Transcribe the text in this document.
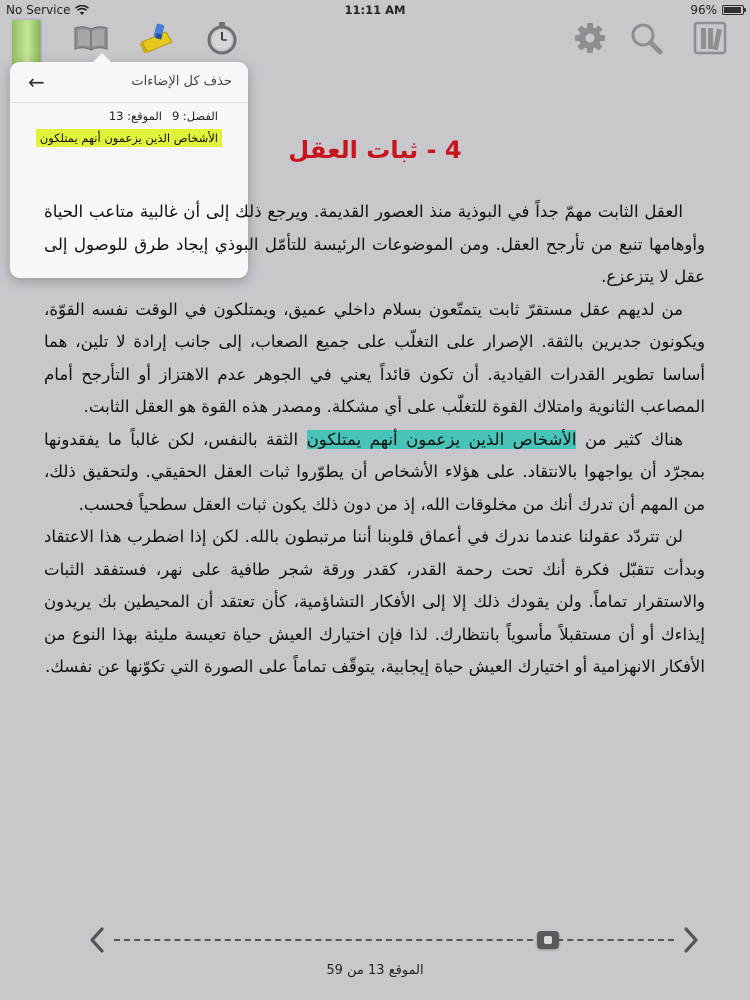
No Service	11:11 AM	96%
←	حذف كل الإضاءات
الفصل: 9
الموقع: 13
الأشخاص الذين يزعمون أنهم يمتلكون	4 - ثبات العقل

العقل الثابت مهمّ جداً في البوذية منذ العصور القديمة. ويرجع ذلك إلى أن غالبية متاعب الحياة وأوهامها تنبع من تأرجح العقل. ومن الموضوعات الرئيسة للتأمّل البوذي إيجاد طرق للوصول إلى عقل لا يتزعزع.

من لديهم عقل مستقرّ ثابت يتمتّعون بسلام داخلي عميق، ويمتلكون في الوقت نفسه القوّة، ويكونون جديرين بالثقة. الإصرار على التغلّب على جميع الصعاب، إلى جانب إرادة لا تلين، هما أساسا تطوير القدرات القيادية. أن تكون قائداً يعني في الجوهر عدم الاهتزاز أو التأرجح أمام المصاعب الثانوية وامتلاك القوة للتغلّب على أي مشكلة. ومصدر هذه القوة هو العقل الثابت.

هناك كثير من الأشخاص الذين يزعمون أنهم يمتلكون الثقة بالنفس، لكن غالباً ما يفقدونها بمجرّد أن يواجهوا بالانتقاد. على هؤلاء الأشخاص أن يطوّروا ثبات العقل الحقيقي. ولتحقيق ذلك، من المهم أن تدرك أنك من مخلوقات الله، إذ من دون ذلك يكون ثبات العقل سطحياً فحسب.

لن تتردّد عقولنا عندما ندرك في أعماق قلوبنا أننا مرتبطون بالله. لكن إذا اضطرب هذا الاعتقاد وبدأت تتقبّل فكرة أنك تحت رحمة القدر، كقدر ورقة شجر طافية على نهر، فستفقد الثبات والاستقرار تماماً. ولن يقودك ذلك إلا إلى الأفكار التشاؤمية، كأن تعتقد أن المحيطين بك يريدون إيذاءك أو أن مستقبلاً مأسوياً بانتظارك. لذا فإن اختيارك العيش حياة تعيسة مليئة بهذا النوع من الأفكار الانهزامية أو اختيارك العيش حياة إيجابية، يتوقّف تماماً على الصورة التي تكوّنها عن نفسك.

الموقع 13 من 59
